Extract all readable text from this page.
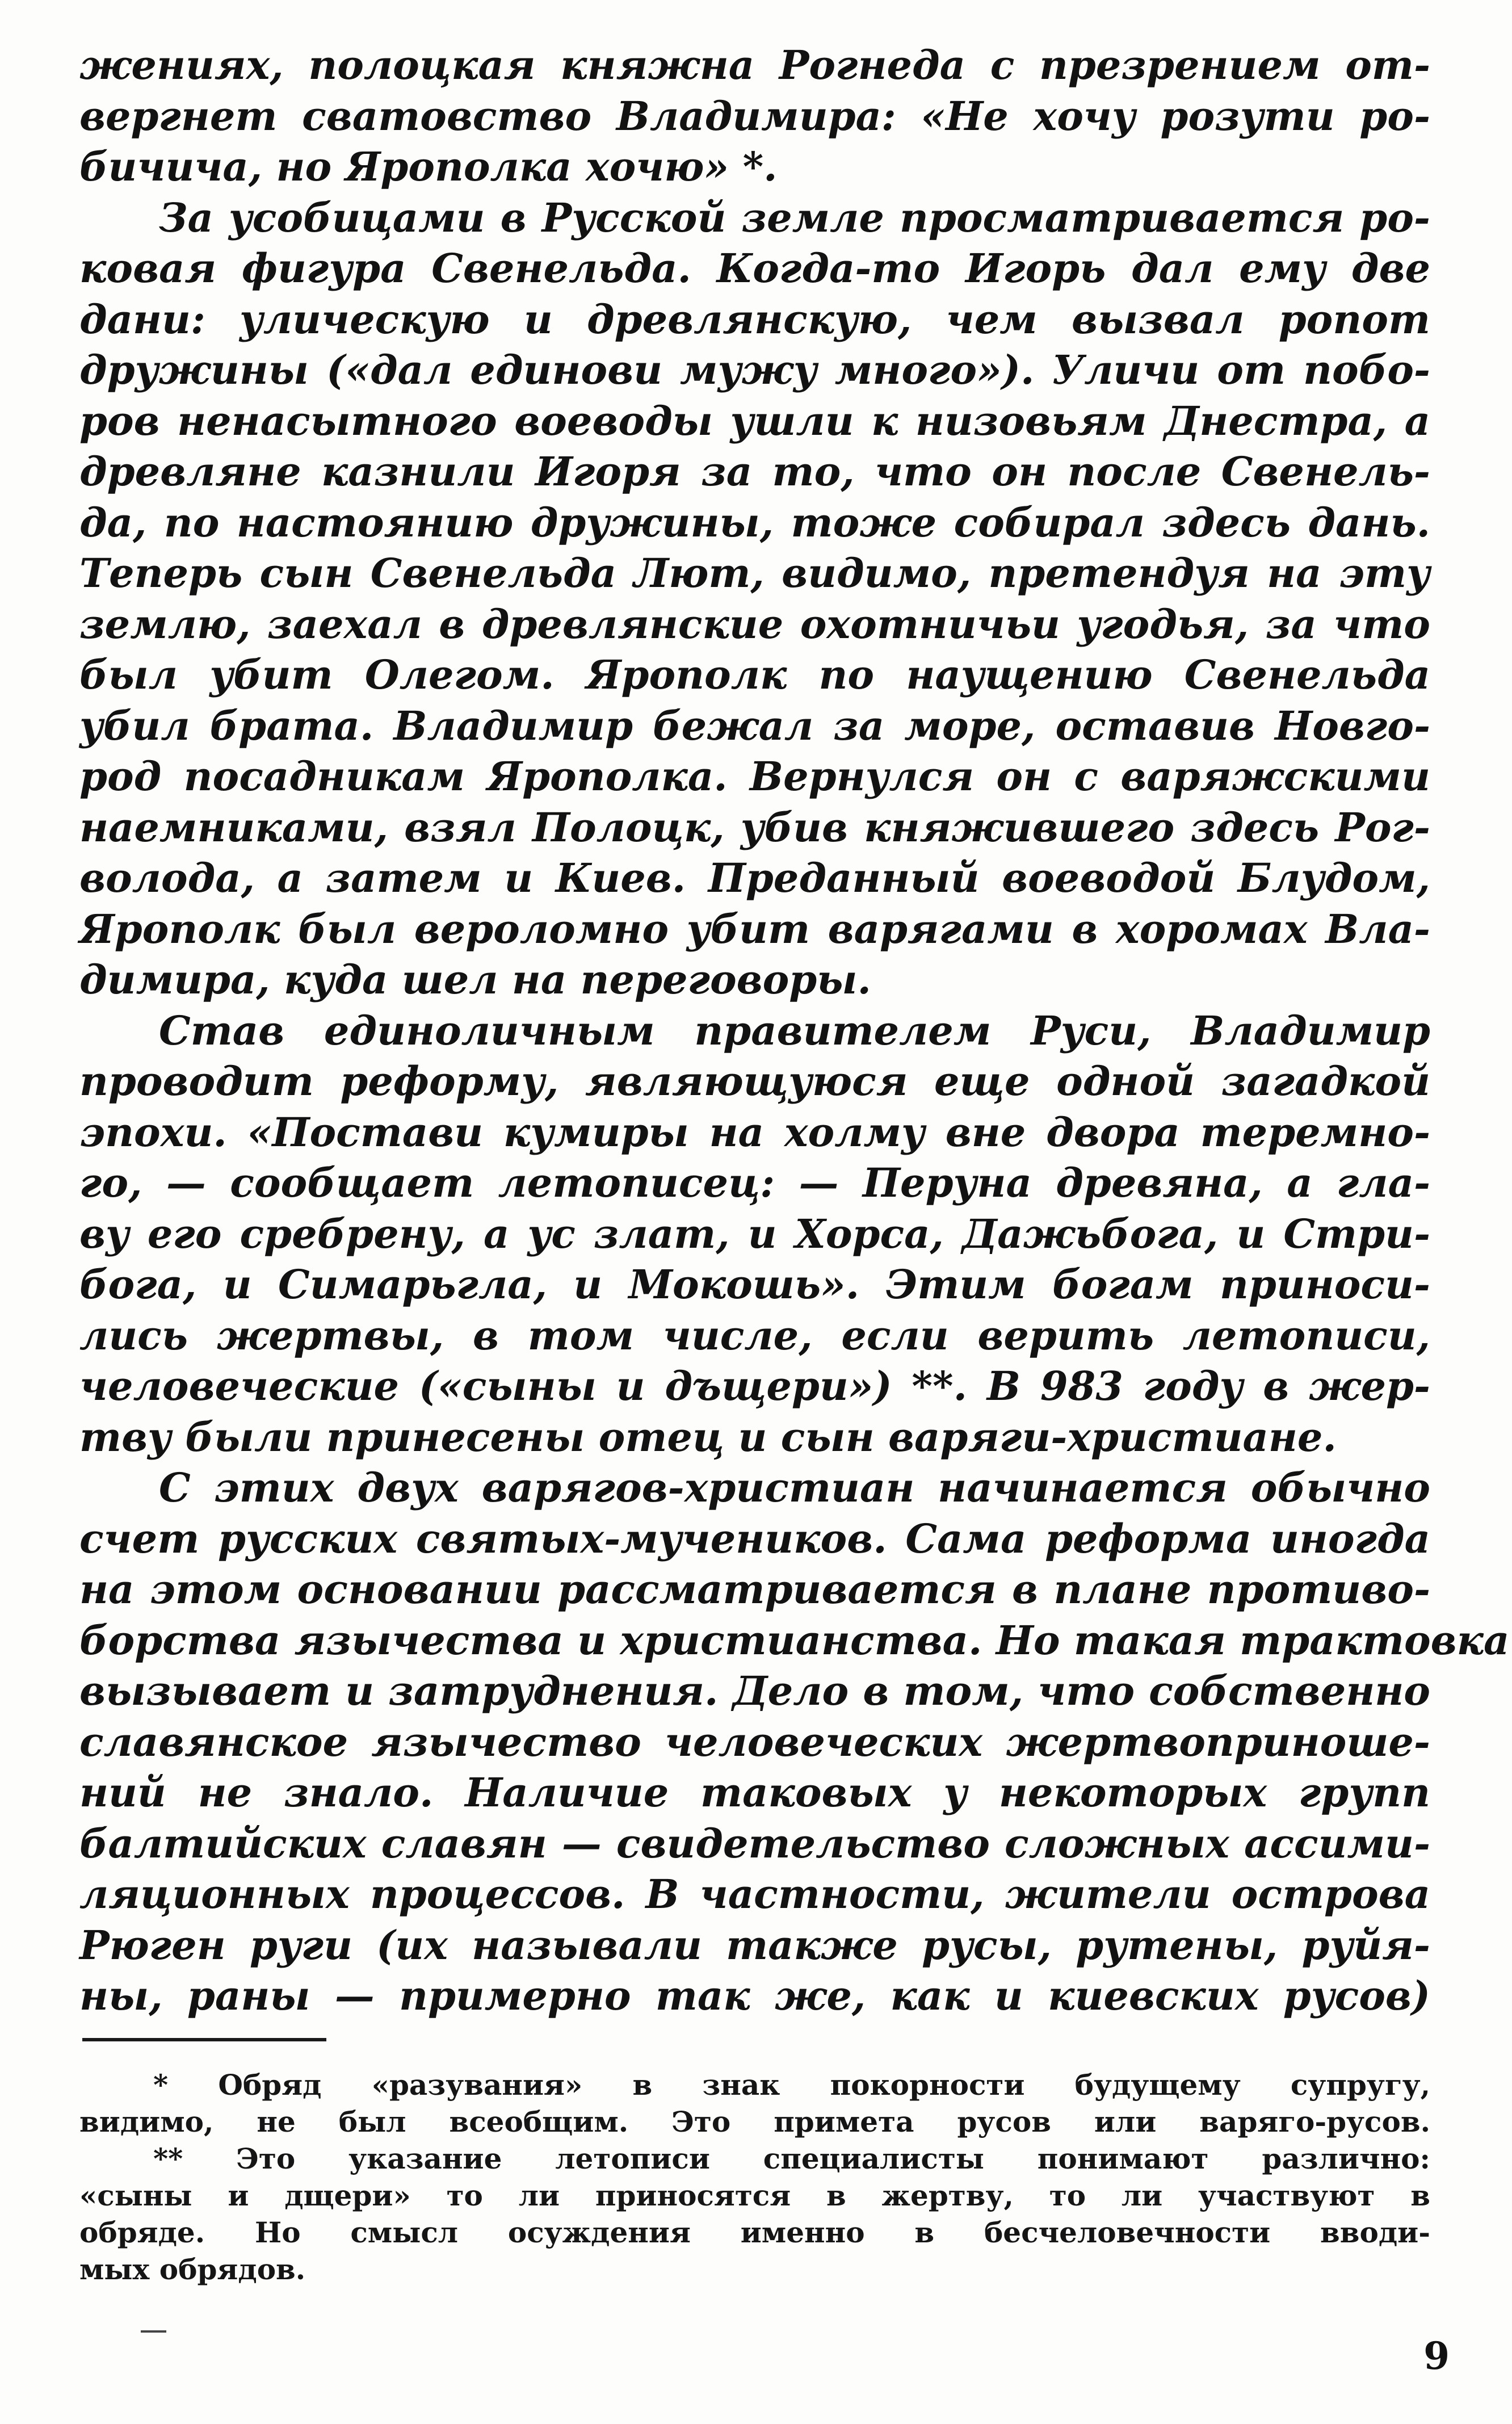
жениях, полоцкая княжна Рогнеда с презрением от-
вергнет сватовство Владимира: «Не хочу розути ро-
бичича, но Ярополка хочю» *.
За усобицами в Русской земле просматривается ро-
ковая фигура Свенельда. Когда-то Игорь дал ему две
дани: улическую и древлянскую, чем вызвал ропот
дружины («дал единови мужу много»). Уличи от побо-
ров ненасытного воеводы ушли к низовьям Днестра, а
древляне казнили Игоря за то, что он после Свенель-
да, по настоянию дружины, тоже собирал здесь дань.
Теперь сын Свенельда Лют, видимо, претендуя на эту
землю, заехал в древлянские охотничьи угодья, за что
был убит Олегом. Ярополк по наущению Свенельда
убил брата. Владимир бежал за море, оставив Новго-
род посадникам Ярополка. Вернулся он с варяжскими
наемниками, взял Полоцк, убив княжившего здесь Рог-
волода, а затем и Киев. Преданный воеводой Блудом,
Ярополк был вероломно убит варягами в хоромах Вла-
димира, куда шел на переговоры.
Став единоличным правителем Руси, Владимир
проводит реформу, являющуюся еще одной загадкой
эпохи. «Постави кумиры на холму вне двора теремно-
го, — сообщает летописец: — Перуна древяна, а гла-
ву его сребрену, а ус злат, и Хорса, Дажьбога, и Стри-
бога, и Симарьгла, и Мокошь». Этим богам приноси-
лись жертвы, в том числе, если верить летописи,
человеческие («сыны и дъщери») **. В 983 году в жер-
тву были принесены отец и сын варяги-христиане.
С этих двух варягов-христиан начинается обычно
счет русских святых-мучеников. Сама реформа иногда
на этом основании рассматривается в плане противо-
борства язычества и христианства. Но такая трактовка
вызывает и затруднения. Дело в том, что собственно
славянское язычество человеческих жертвоприноше-
ний не знало. Наличие таковых у некоторых групп
балтийских славян — свидетельство сложных ассими-
ляционных процессов. В частности, жители острова
Рюген руги (их называли также русы, рутены, руйя-
ны, раны — примерно так же, как и киевских русов)
* Обряд «разувания» в знак покорности будущему супругу,
видимо, не был всеобщим. Это примета русов или варяго-русов.
** Это указание летописи специалисты понимают различно:
«сыны и дщери» то ли приносятся в жертву, то ли участвуют в
обряде. Но смысл осуждения именно в бесчеловечности вводи-
мых обрядов.
9
